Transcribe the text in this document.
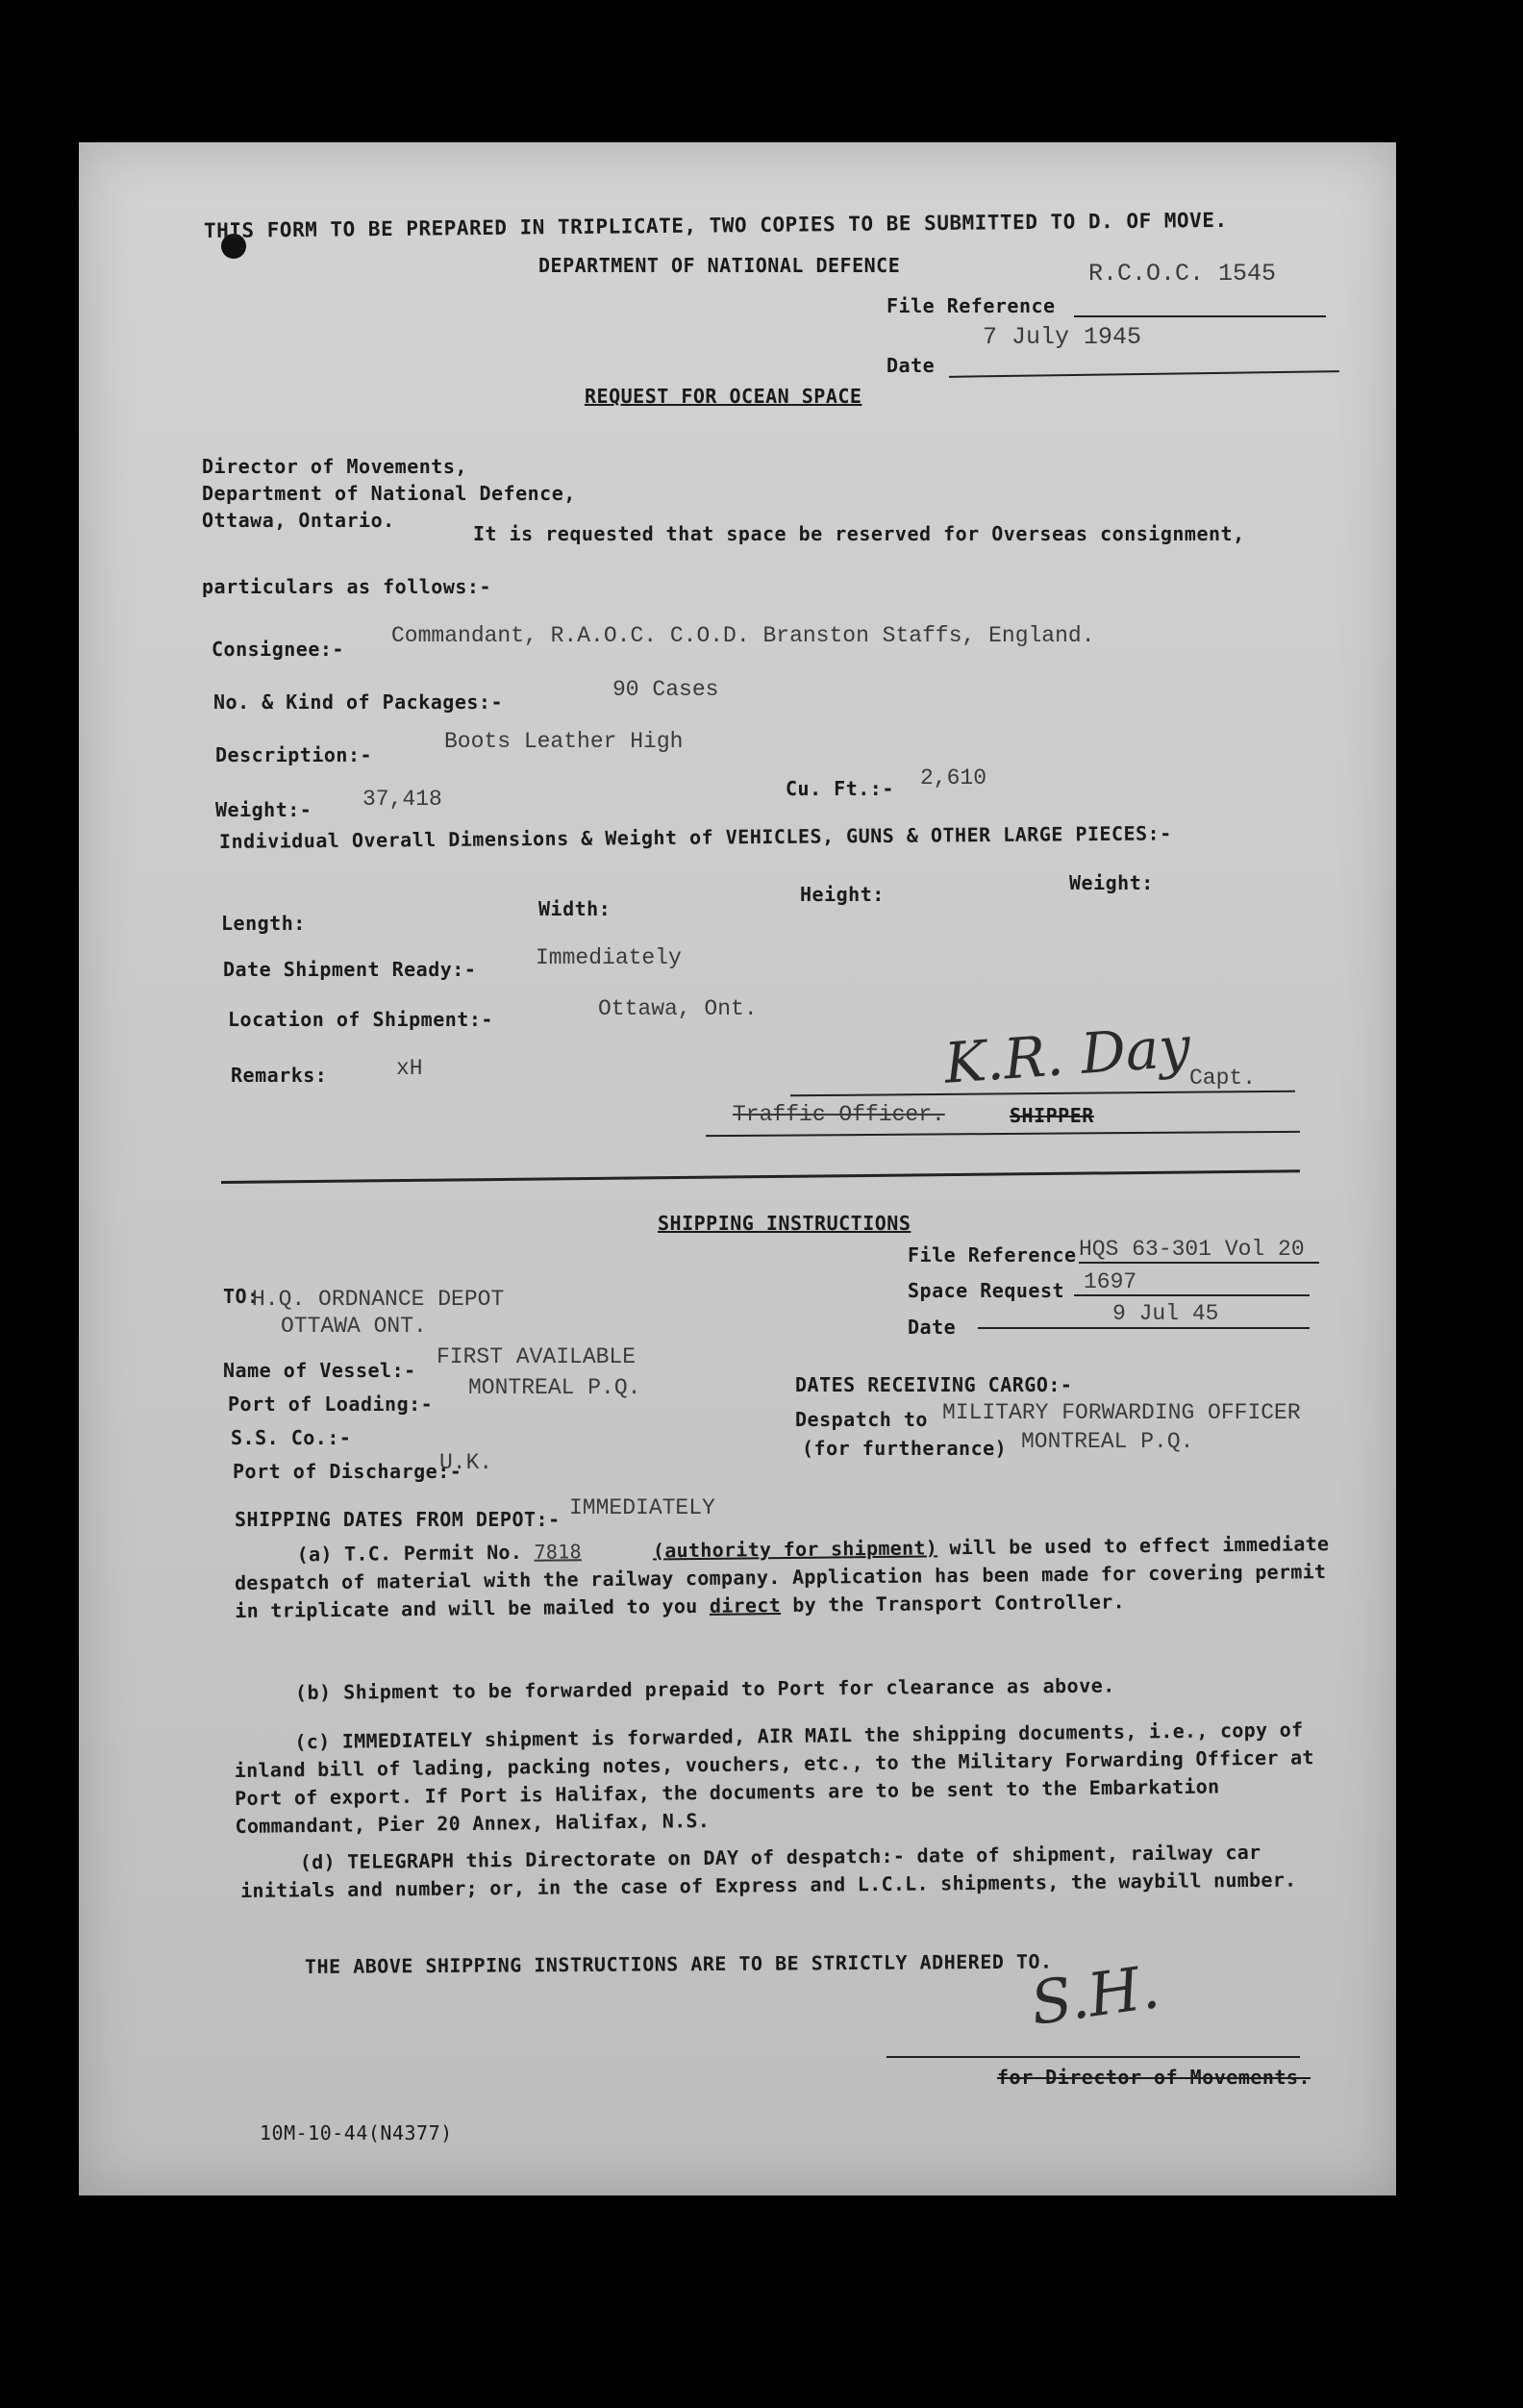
THIS FORM TO BE PREPARED IN TRIPLICATE, TWO COPIES TO BE SUBMITTED TO D. OF MOVE.
DEPARTMENT OF NATIONAL DEFENCE
File Reference
R.C.O.C. 1545
Date
7 July 1945
REQUEST FOR OCEAN SPACE
Director of Movements,
Department of National Defence,
Ottawa, Ontario.
It is requested that space be reserved for Overseas consignment,
particulars as follows:-
Consignee:-
Commandant, R.A.O.C. C.O.D. Branston Staffs, England.
No. & Kind of Packages:-	90 Cases
Description:-
Boots Leather High
Weight:- 37,418	Cu. Ft.:- 2,610
Individual Overall Dimensions & Weight of VEHICLES, GUNS & OTHER LARGE PIECES:-
Length:
Width:
Height:	Weight:
Date Shipment Ready:-	Immediately
Location of Shipment:-	Ottawa, Ont.
Remarks:	xH	K.R. Day
Capt.
Traffic Officer.	SHIPPER
SHIPPING INSTRUCTIONS
File Reference HQS 63-301 Vol 20
Space Request 1697
Date
9 Jul 45
TO:
H.Q. ORDNANCE DEPOT
OTTAWA ONT.
Name of Vessel:-
FIRST AVAILABLE
Port of Loading:-
MONTREAL P.Q.
S.S. Co.:-
Port of Discharge:-
U.K.
DATES RECEIVING CARGO:-
Despatch to MILITARY FORWARDING OFFICER
(for furtherance) MONTREAL P.Q.
SHIPPING DATES FROM DEPOT:- IMMEDIATELY
(a) T.C. Permit No. 7818	(authority for shipment) will be used to effect immediate despatch of material with the railway company. Application has been made for covering permit in triplicate and will be mailed to you direct by the Transport Controller.
(b) Shipment to be forwarded prepaid to Port for clearance as above.
(c) IMMEDIATELY shipment is forwarded, AIR MAIL the shipping documents, i.e., copy of inland bill of lading, packing notes, vouchers, etc., to the Military Forwarding Officer at Port of export. If Port is Halifax, the documents are to be sent to the Embarkation Commandant, Pier 20 Annex, Halifax, N.S.
(d) TELEGRAPH this Directorate on DAY of despatch:- date of shipment, railway car initials and number; or, in the case of Express and L.C.L. shipments, the waybill number.
THE ABOVE SHIPPING INSTRUCTIONS ARE TO BE STRICTLY ADHERED TO.
S.H.
for Director of Movements.
10M-10-44(N4377)
